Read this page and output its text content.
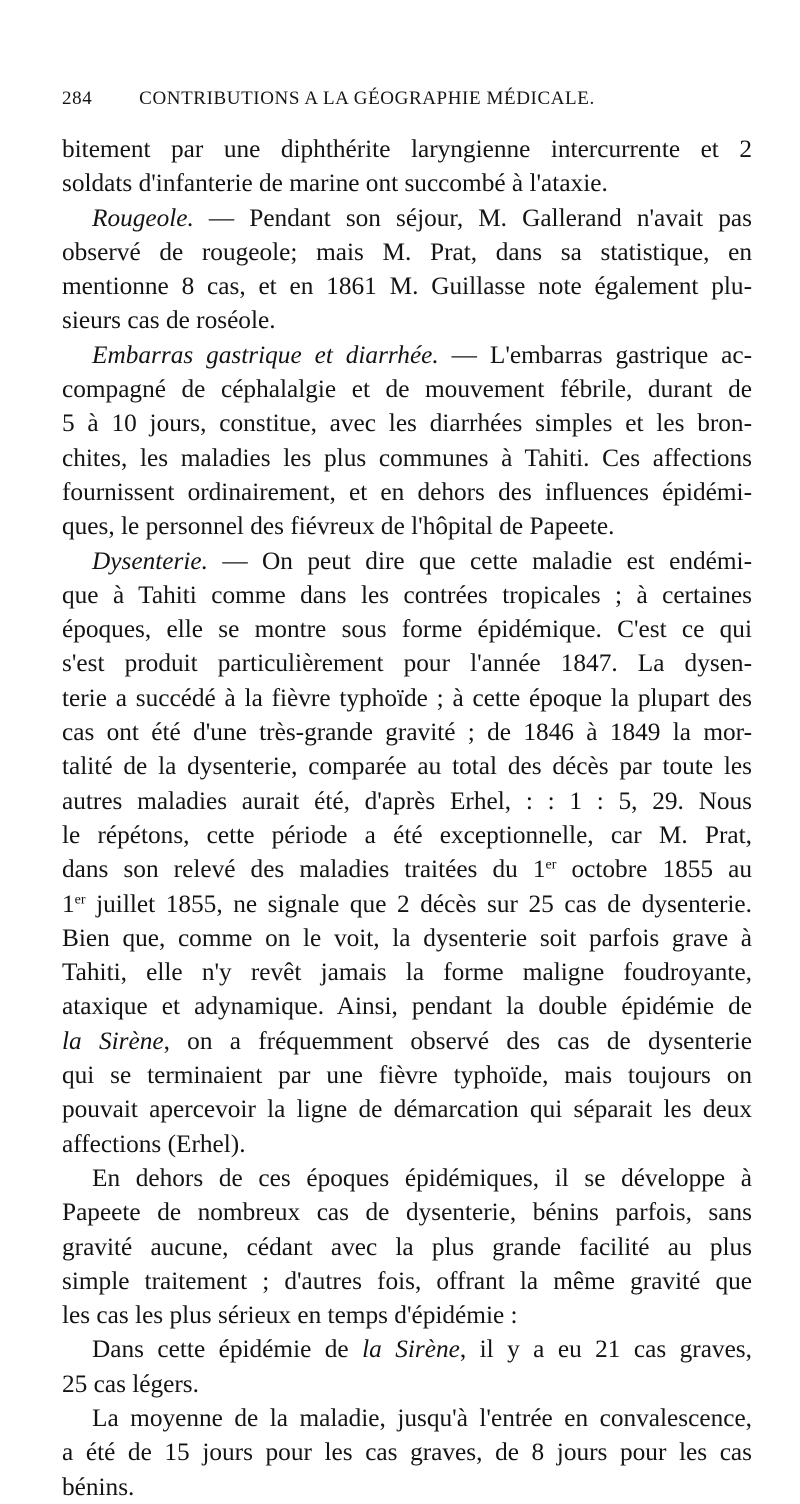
284	CONTRIBUTIONS A LA GÉOGRAPHIE MÉDICALE.

bitement par une diphthérite laryngienne intercurrente et 2

soldats d'infanterie de marine ont succombé à l'ataxie.

Rougeole. — Pendant son séjour, M. Gallerand n'avait pas

observé de rougeole; mais M. Prat, dans sa statistique, en

mentionne 8 cas, et en 1861 M. Guillasse note également plu-

sieurs cas de roséole.

Embarras gastrique et diarrhée. — L'embarras gastrique ac-

compagné de céphalalgie et de mouvement fébrile, durant de

5 à 10 jours, constitue, avec les diarrhées simples et les bron-

chites, les maladies les plus communes à Tahiti. Ces affections

fournissent ordinairement, et en dehors des influences épidémi-

ques, le personnel des fiévreux de l'hôpital de Papeete.

Dysenterie. — On peut dire que cette maladie est endémi-

que à Tahiti comme dans les contrées tropicales ; à certaines

époques, elle se montre sous forme épidémique. C'est ce qui

s'est produit particulièrement pour l'année 1847. La dysen-

terie a succédé à la fièvre typhoïde ; à cette époque la plupart des

cas ont été d'une très-grande gravité ; de 1846 à 1849 la mor-

talité de la dysenterie, comparée au total des décès par toute les

autres maladies aurait été, d'après Erhel, : : 1 : 5, 29. Nous

le répétons, cette période a été exceptionnelle, car M. Prat,

dans son relevé des maladies traitées du 1er octobre 1855 au

1er juillet 1855, ne signale que 2 décès sur 25 cas de dysenterie.

Bien que, comme on le voit, la dysenterie soit parfois grave à

Tahiti, elle n'y revêt jamais la forme maligne foudroyante,

ataxique et adynamique. Ainsi, pendant la double épidémie de

la Sirène, on a fréquemment observé des cas de dysenterie

qui se terminaient par une fièvre typhoïde, mais toujours on

pouvait apercevoir la ligne de démarcation qui séparait les deux

affections (Erhel).

En dehors de ces époques épidémiques, il se développe à

Papeete de nombreux cas de dysenterie, bénins parfois, sans

gravité aucune, cédant avec la plus grande facilité au plus

simple traitement ; d'autres fois, offrant la même gravité que

les cas les plus sérieux en temps d'épidémie :

Dans cette épidémie de la Sirène, il y a eu 21 cas graves,

25 cas légers.

La moyenne de la maladie, jusqu'à l'entrée en convalescence,

a été de 15 jours pour les cas graves, de 8 jours pour les cas

bénins.
